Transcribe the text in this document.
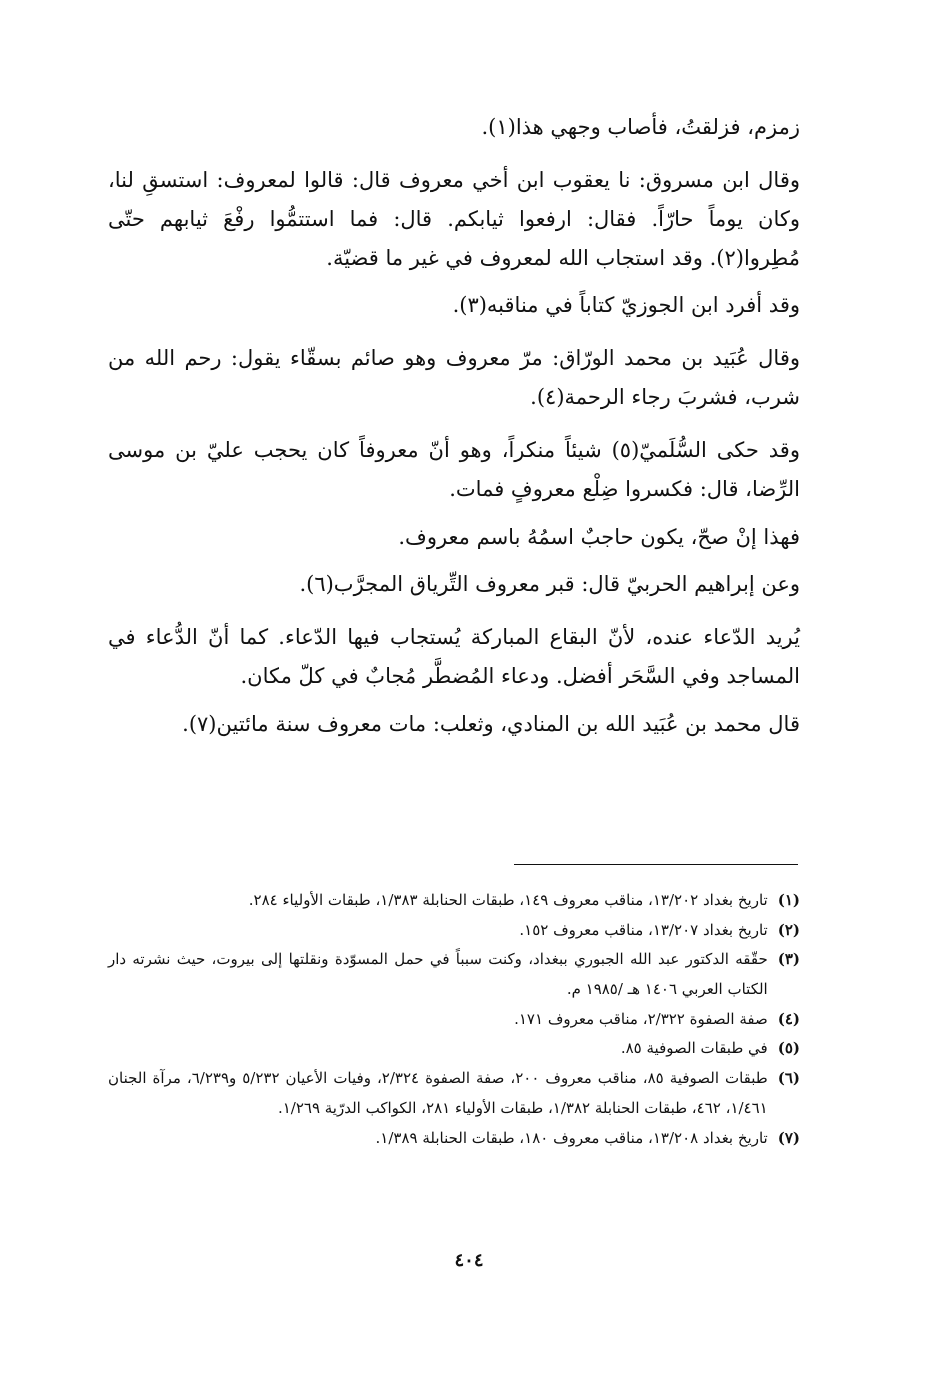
زمزم، فزلقتُ، فأصاب وجهي هذا(١).

وقال ابن مسروق: نا يعقوب ابن أخي معروف قال: قالوا لمعروف: استسقِ لنا، وكان يوماً حارّاً. فقال: ارفعوا ثيابكم. قال: فما استتمُّوا رفْعَ ثيابهم حتّى مُطِروا(٢). وقد استجاب الله لمعروف في غير ما قضيّة.

وقد أفرد ابن الجوزيّ كتاباً في مناقبه(٣).

وقال عُبَيد بن محمد الورّاق: مرّ معروف وهو صائم بسقّاء يقول: رحم الله من شرب، فشربَ رجاء الرحمة(٤).

وقد حكى السُّلَميّ(٥) شيئاً منكراً، وهو أنّ معروفاً كان يحجب عليّ بن موسى الرِّضا، قال: فكسروا ضِلْع معروفٍ فمات.

فهذا إنْ صحّ، يكون حاجبٌ اسمُهُ باسم معروف.

وعن إبراهيم الحربيّ قال: قبر معروف التِّرياق المجرَّب(٦).

يُريد الدّعاء عنده، لأنّ البقاع المباركة يُستجاب فيها الدّعاء. كما أنّ الدُّعاء في المساجد وفي السَّحَر أفضل. ودعاء المُضطَّر مُجابٌ في كلّ مكان.

قال محمد بن عُبَيد الله بن المنادي، وثعلب: مات معروف سنة مائتين(٧).

(١)
تاريخ بغداد ١٣/٢٠٢، مناقب معروف ١٤٩، طبقات الحنابلة ١/٣٨٣، طبقات الأولياء ٢٨٤.
(٢)
تاريخ بغداد ١٣/٢٠٧، مناقب معروف ١٥٢.
(٣)
حقّقه الدكتور عبد الله الجبوري ببغداد، وكنت سبباً في حمل المسوّدة ونقلتها إلى بيروت، حيث نشرته دار الكتاب العربي ١٤٠٦ هـ /١٩٨٥ م.
(٤)
صفة الصفوة ٢/٣٢٢، مناقب معروف ١٧١.
(٥)
في طبقات الصوفية ٨٥.
(٦)
طبقات الصوفية ٨٥، مناقب معروف ٢٠٠، صفة الصفوة ٢/٣٢٤، وفيات الأعيان ٥/٢٣٢ و٦/٢٣٩، مرآة الجنان ١/٤٦١، ٤٦٢، طبقات الحنابلة ١/٣٨٢، طبقات الأولياء ٢٨١، الكواكب الدرّية ١/٢٦٩.
(٧)
تاريخ بغداد ١٣/٢٠٨، مناقب معروف ١٨٠، طبقات الحنابلة ١/٣٨٩.
٤٠٤
